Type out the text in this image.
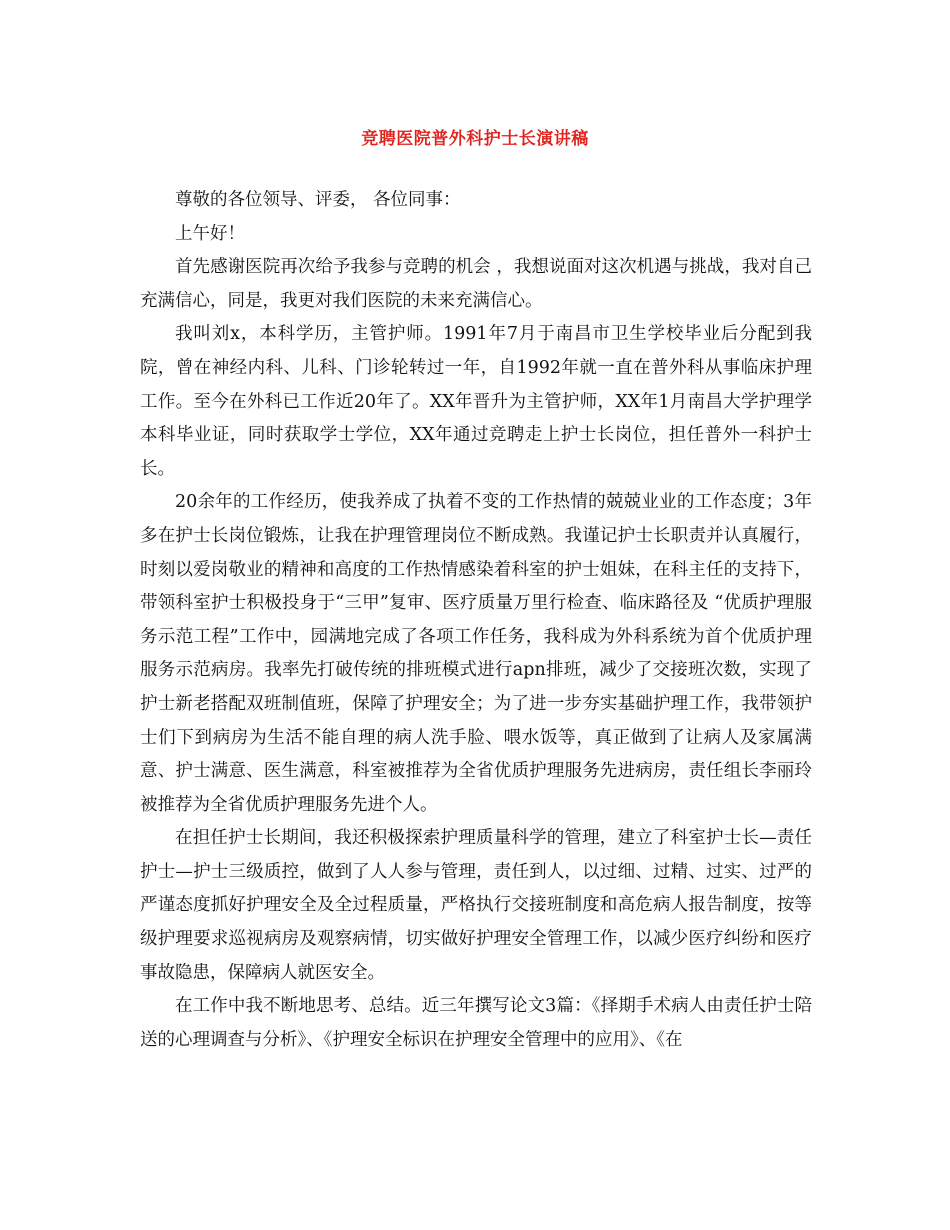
竞聘医院普外科护士长演讲稿

尊敬的各位领导、评委， 各位同事：

上午好！

首先感谢医院再次给予我参与竞聘的机会 ，我想说面对这次机遇与挑战，我对自己充满信心，同是，我更对我们医院的未来充满信心。

我叫刘x，本科学历，主管护师。1991年7月于南昌市卫生学校毕业后分配到我院，曾在神经内科、儿科、门诊轮转过一年，自1992年就一直在普外科从事临床护理工作。至今在外科已工作近20年了。XX年晋升为主管护师，XX年1月南昌大学护理学本科毕业证，同时获取学士学位，XX年通过竞聘走上护士长岗位，担任普外一科护士长。

20余年的工作经历，使我养成了执着不变的工作热情的兢兢业业的工作态度；3年多在护士长岗位锻炼，让我在护理管理岗位不断成熟。我谨记护士长职责并认真履行，时刻以爱岗敬业的精神和高度的工作热情感染着科室的护士姐妹，在科主任的支持下，带领科室护士积极投身于“三甲”复审、医疗质量万里行检查、临床路径及 “优质护理服务示范工程”工作中，园满地完成了各项工作任务，我科成为外科系统为首个优质护理服务示范病房。我率先打破传统的排班模式进行apn排班，减少了交接班次数，实现了护士新老搭配双班制值班，保障了护理安全；为了进一步夯实基础护理工作，我带领护士们下到病房为生活不能自理的病人洗手脸、喂水饭等，真正做到了让病人及家属满意、护士满意、医生满意，科室被推荐为全省优质护理服务先进病房，责任组长李丽玲被推荐为全省优质护理服务先进个人。

在担任护士长期间，我还积极探索护理质量科学的管理，建立了科室护士长—责任护士—护士三级质控，做到了人人参与管理，责任到人，以过细、过精、过实、过严的严谨态度抓好护理安全及全过程质量，严格执行交接班制度和高危病人报告制度，按等级护理要求巡视病房及观察病情，切实做好护理安全管理工作，以减少医疗纠纷和医疗事故隐患，保障病人就医安全。

在工作中我不断地思考、总结。近三年撰写论文3篇：《择期手术病人由责任护士陪送的心理调查与分析》、《护理安全标识在护理安全管理中的应用》、《在
